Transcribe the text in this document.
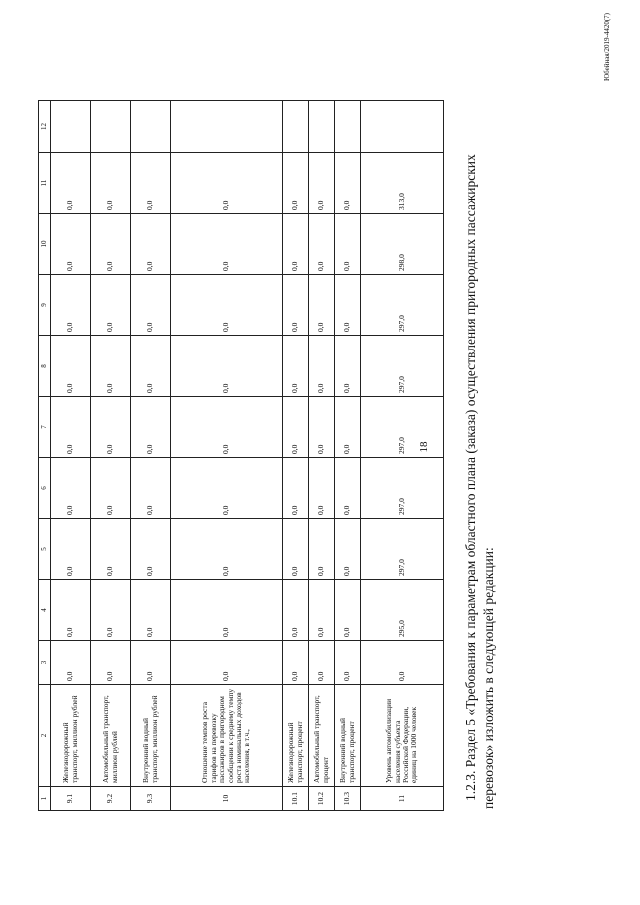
18
1	2	3	4	5	6	7	8	9	10	11	12
9.1	Железнодорожный транспорт, миллион рублей	0,0	0,0	0,0	0,0	0,0	0,0	0,0	0,0	0,0	
9.2	Автомобильный транспорт, миллион рублей	0,0	0,0	0,0	0,0	0,0	0,0	0,0	0,0	0,0	
9.3	Внутренний водный транспорт, миллион рублей	0,0	0,0	0,0	0,0	0,0	0,0	0,0	0,0	0,0	
10	Отношение темпов роста тарифов на перевозку пассажиров в пригородном сообщении к среднему темпу роста номинальных доходов населения, в т.ч.,	0,0	0,0	0,0	0,0	0,0	0,0	0,0	0,0	0,0	
10.1	Железнодорожный транспорт, процент	0,0	0,0	0,0	0,0	0,0	0,0	0,0	0,0	0,0	
10.2	Автомобильный транспорт, процент	0,0	0,0	0,0	0,0	0,0	0,0	0,0	0,0	0,0	
10.3	Внутренний водный транспорт, процент	0,0	0,0	0,0	0,0	0,0	0,0	0,0	0,0	0,0	
11	Уровень автомобилизации населения субъекта Российской Федерации, единиц на 1000 человек	0,0	295,0	297,0	297,0	297,0	297,0	297,0	298,0	313,0		1.2.3. Раздел 5 «Требования к параметрам областного плана (заказа) осуществления пригородных пассажирских перевозок» изложить в следующей редакции:
Юбейная/2019-4420(7)
